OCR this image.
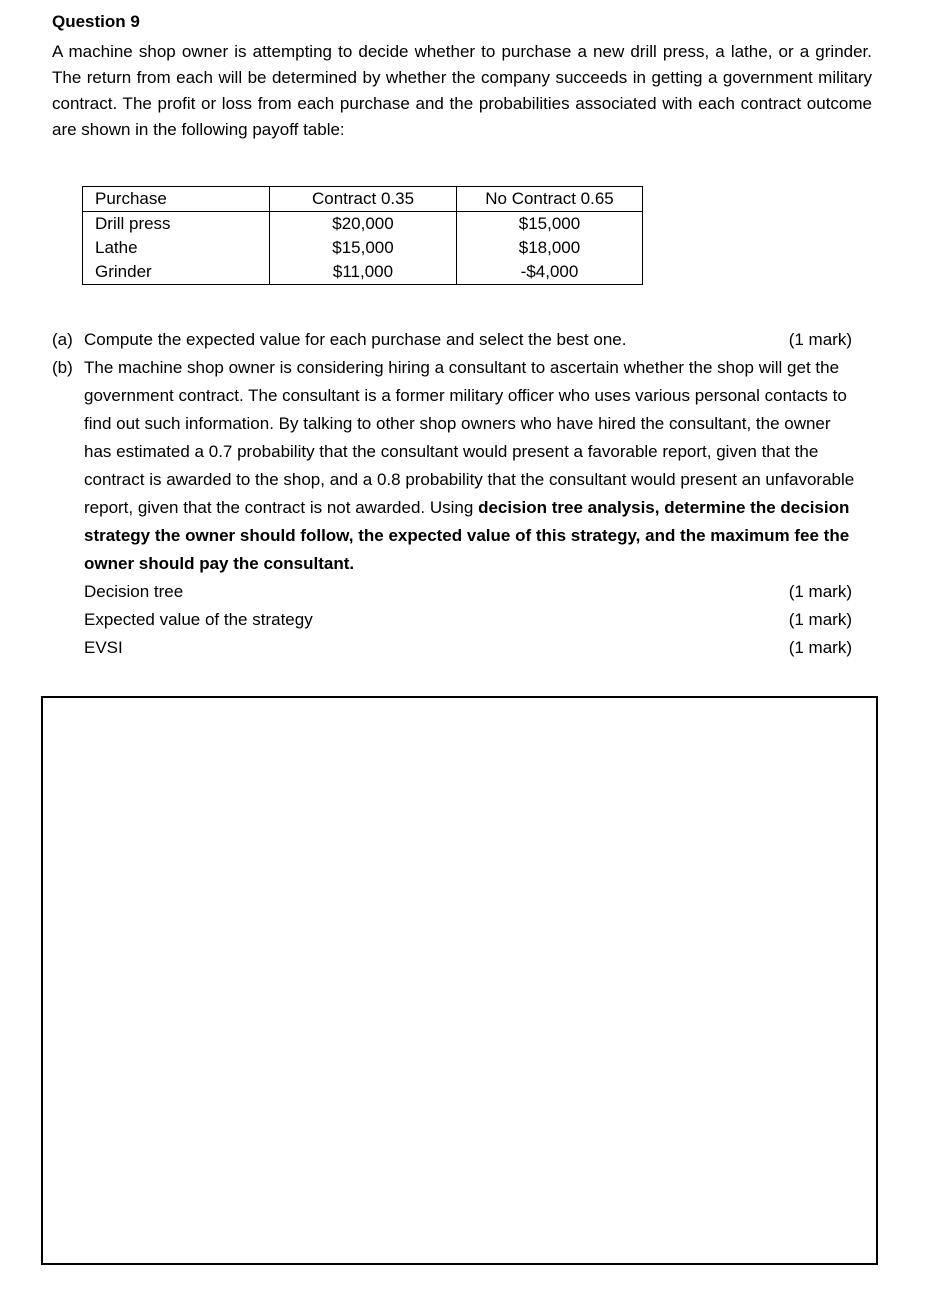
Question 9

A machine shop owner is attempting to decide whether to purchase a new drill press, a lathe, or a grinder. The return from each will be determined by whether the company succeeds in getting a government military contract. The profit or loss from each purchase and the probabilities associated with each contract outcome are shown in the following payoff table:

Purchase	Contract 0.35	No Contract 0.65
Drill press	$20,000	$15,000
Lathe	$15,000	$18,000
Grinder	$11,000	-$4,000
(a) Compute the expected value for each purchase and select the best one.	(1 mark)
(b) The machine shop owner is considering hiring a consultant to ascertain whether the shop will get the government contract. The consultant is a former military officer who uses various personal contacts to find out such information. By talking to other shop owners who have hired the consultant, the owner has estimated a 0.7 probability that the consultant would present a favorable report, given that the contract is awarded to the shop, and a 0.8 probability that the consultant would present an unfavorable report, given that the contract is not awarded. Using decision tree analysis, determine the decision strategy the owner should follow, the expected value of this strategy, and the maximum fee the owner should pay the consultant.
Decision tree	(1 mark)
Expected value of the strategy	(1 mark)
EVSI	(1 mark)
